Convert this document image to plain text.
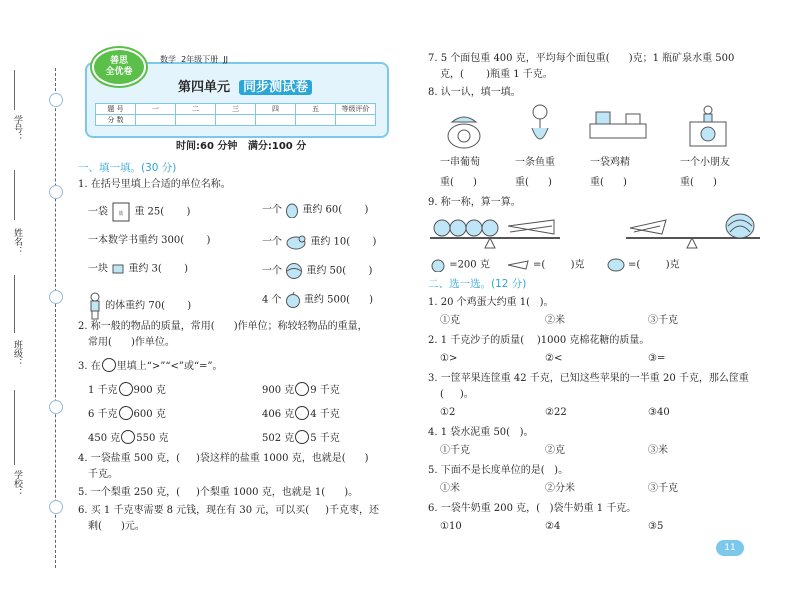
学号：
姓名：
班级：
学校：
善思
全优卷
数学 2年级下册 JJ
第四单元 同步测试卷
题 号	一	二	三	四	五	等级评价
分 数						
时间:60 分钟 满分:100 分
一、填一填。(30 分)
1. 在括号里填上合适的单位名称。
一袋 盐 重 25( )	一个 重约 60( )
一本数学书重约 300( )	一个	重约 10( )
一块 重约 3( )	一个 重约 50( )
的体重约 70( )
4 个 重约 500( )
2. 称一般的物品的质量，常用( )作单位；称较轻物品的重量，
常用( )作单位。
3. 在 里填上“>”“<”或“=”。
1 千克 900 克	900 克 9 千克
6 千克 600 克	406 克 4 千克
450 克 550 克	502 克 5 千克
4. 一袋盐重 500 克，( )袋这样的盐重 1000 克，也就是( )
千克。
5. 一个梨重 250 克，( )个梨重 1000 克，也就是 1( )。
6. 买 1 千克枣需要 8 元钱，现在有 30 元，可以买( )千克枣，还
剩( )元。
7. 5 个面包重 400 克，平均每个面包重( )克；1 瓶矿泉水重 500
克，( )瓶重 1 千克。
8. 认一认，填一填。
一串葡萄	一条鱼重	一袋鸡精	一个小朋友
重( )	重( )	重( )	重( )
9. 称一称，算一算。
=200 克	=(	)克	=(	)克
二、选一选。(12 分)
1. 20 个鸡蛋大约重 1( )。
①克	②米	③千克
2. 1 千克沙子的质量( )1000 克棉花糖的质量。
①>	②<	③=
3. 一筐苹果连筐重 42 千克，已知这些苹果的一半重 20 千克，那么筐重
( )。
①2	②22	③40
4. 1 袋水泥重 50( )。
①千克	②克	③米
5. 下面不是长度单位的是( )。
①米	②分米	③千克
6. 一袋牛奶重 200 克，( )袋牛奶重 1 千克。
①10	②4	③5
11
